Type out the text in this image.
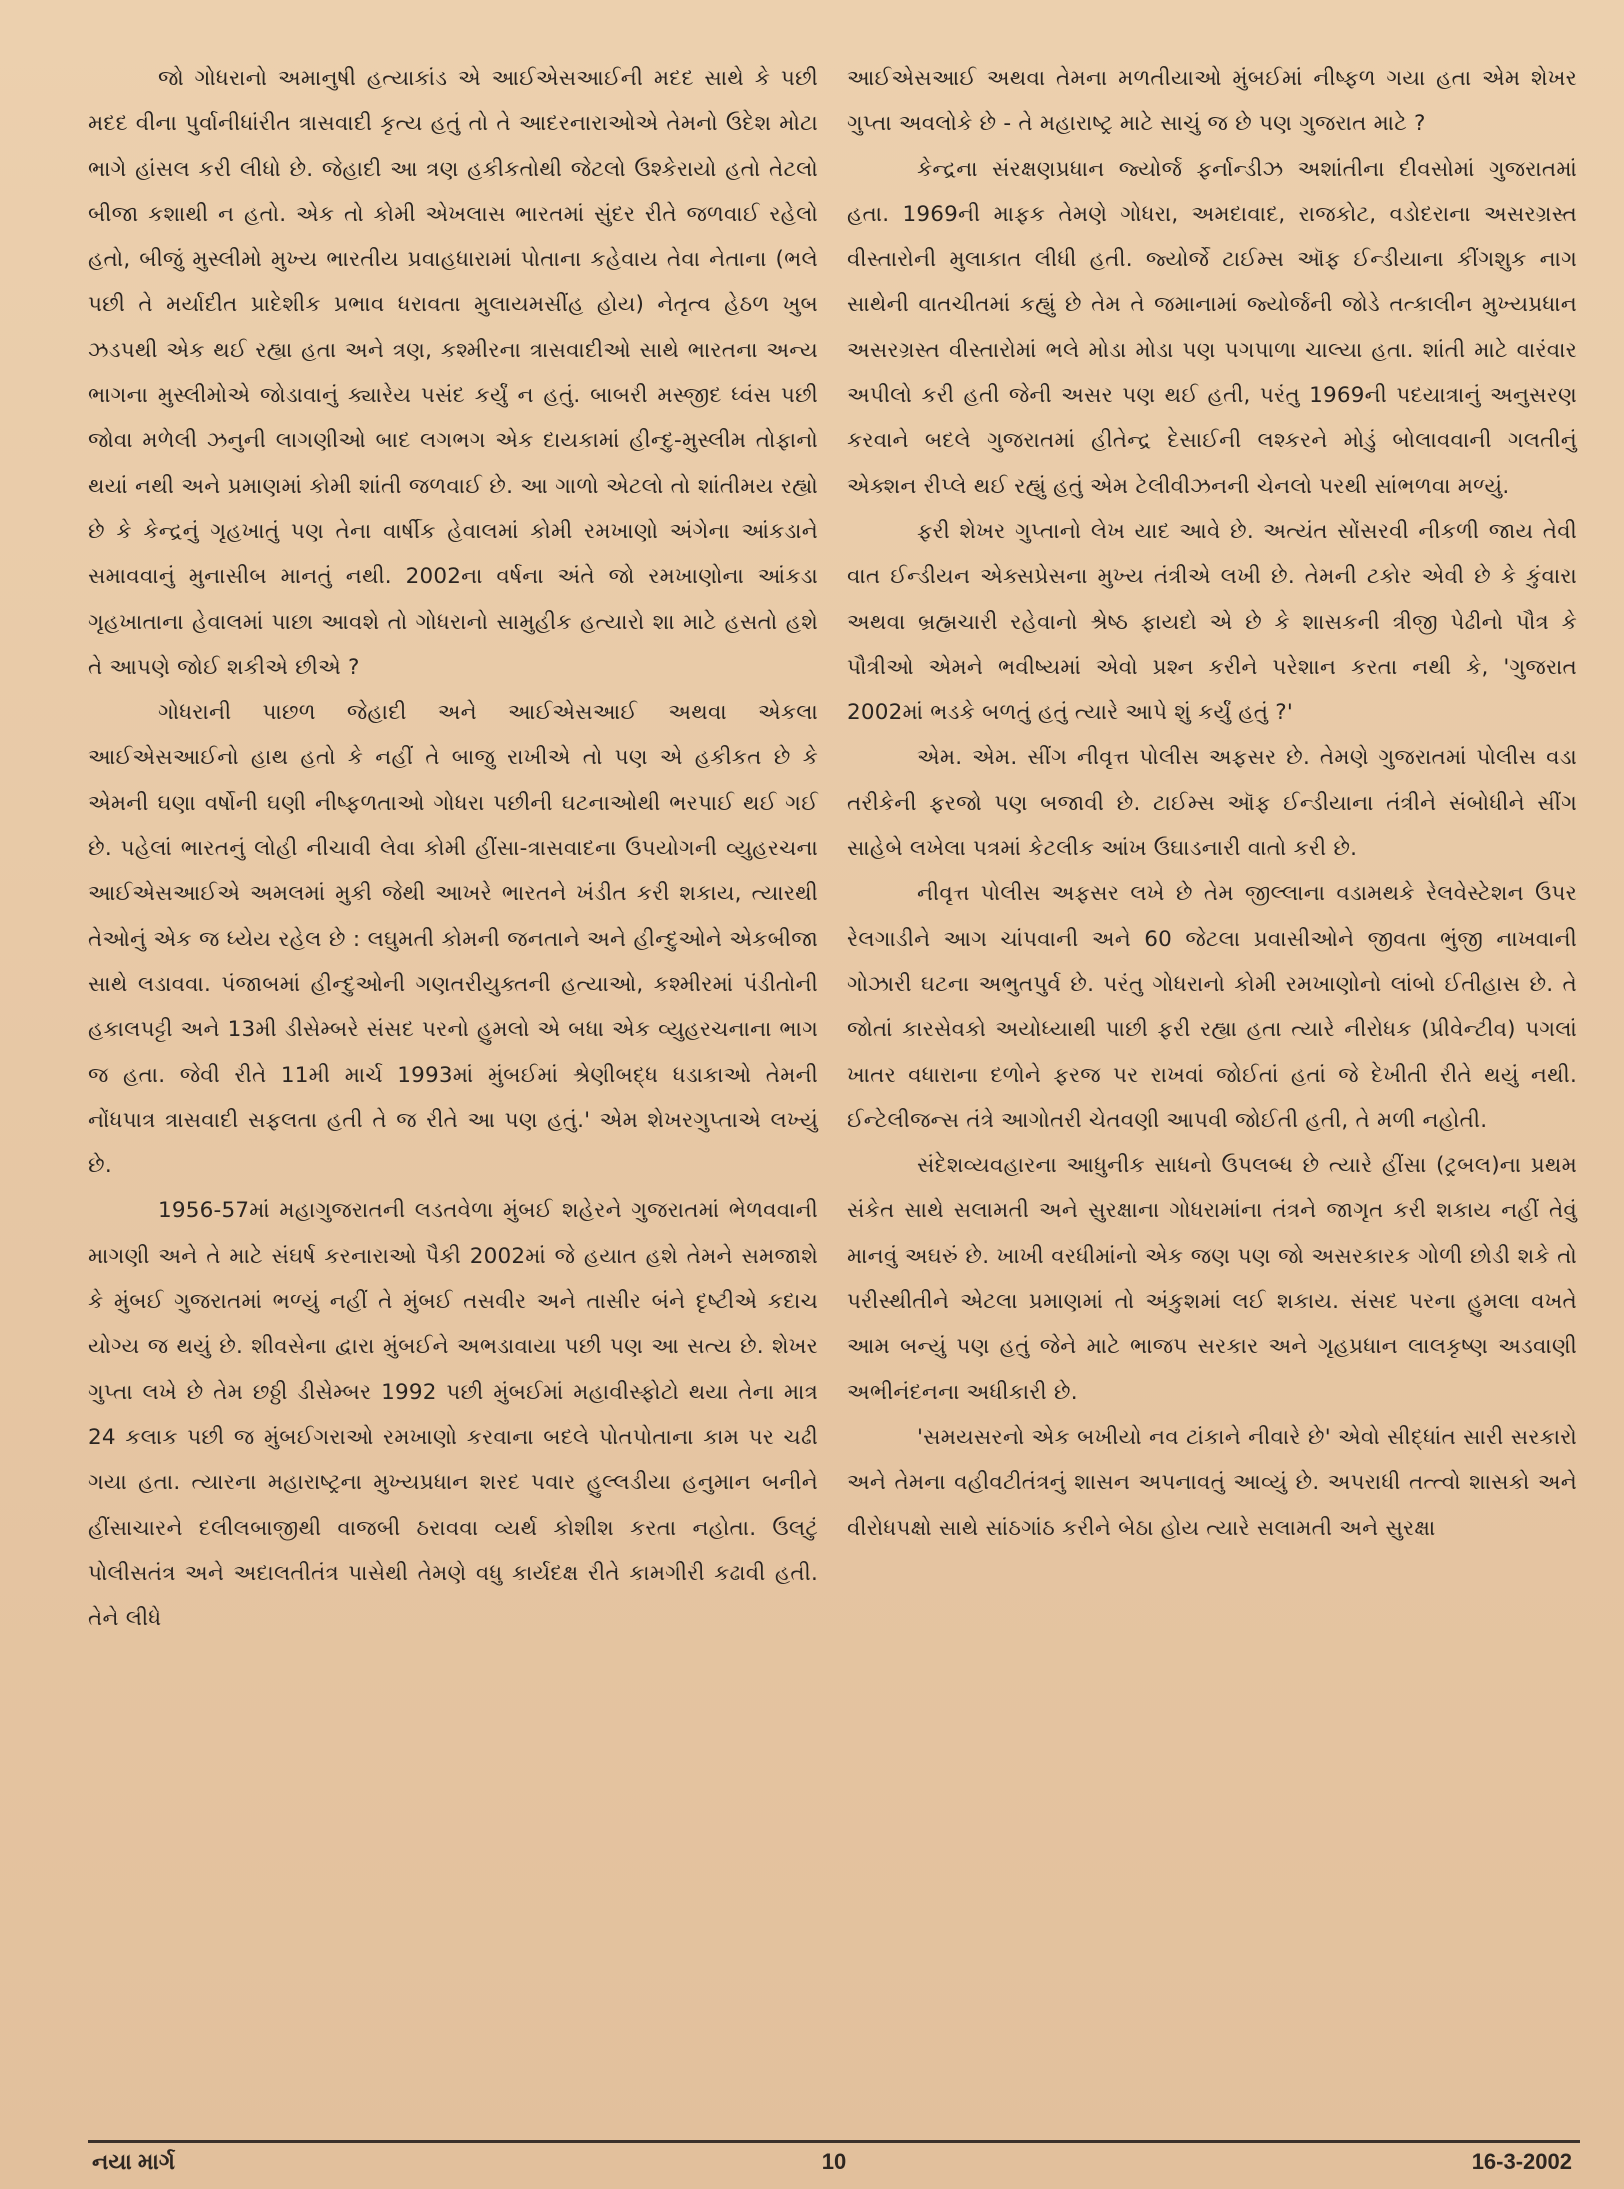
જો ગોધરાનો અમાનુષી હત્યાકાંડ એ આઈએસઆઈની મદદ સાથે કે પછી મદદ વીના પુર્વાનીધાંરીત ત્રાસવાદી કૃત્ય હતું તો તે આદરનારાઓએ તેમનો ઉદેશ મોટા ભાગે હાંસલ કરી લીધો છે. જેહાદી આ ત્રણ હકીકતોથી જેટલો ઉશ્કેરાયો હતો તેટલો બીજા કશાથી ન હતો. એક તો કોમી એખલાસ ભારતમાં સુંદર રીતે જળવાઈ રહેલો હતો, બીજું મુસ્લીમો મુખ્ય ભારતીય પ્રવાહધારામાં પોતાના કહેવાય તેવા નેતાના (ભલે પછી તે મર્યાદીત પ્રાદેશીક પ્રભાવ ધરાવતા મુલાયમસીંહ હોય) નેતૃત્વ હેઠળ ખુબ ઝડપથી એક થઈ રહ્યા હતા અને ત્રણ, કશ્મીરના ત્રાસવાદીઓ સાથે ભારતના અન્ય ભાગના મુસ્લીમોએ જોડાવાનું ક્યારેય પસંદ કર્યું ન હતું. બાબરી મસ્જીદ ધ્વંસ પછી જોવા મળેલી ઝનુની લાગણીઓ બાદ લગભગ એક દાયકામાં હીન્દુ-મુસ્લીમ તોફાનો થયાં નથી અને પ્રમાણમાં કોમી શાંતી જળવાઈ છે. આ ગાળો એટલો તો શાંતીમય રહ્યો છે કે કેન્દ્રનું ગૃહખાતું પણ તેના વાર્ષીક હેવાલમાં કોમી રમખાણો અંગેના આંકડાને સમાવવાનું મુનાસીબ માનતું નથી. 2002ના વર્ષના અંતે જો રમખાણોના આંકડા ગૃહખાતાના હેવાલમાં પાછા આવશે તો ગોધરાનો સામુહીક હત્યારો શા માટે હસતો હશે તે આપણે જોઈ શકીએ છીએ ?

ગોધરાની પાછળ જેહાદી અને આઈએસઆઈ અથવા એકલા આઈએસઆઈનો હાથ હતો કે નહીં તે બાજુ રાખીએ તો પણ એ હકીકત છે કે એમની ઘણા વર્ષોની ઘણી નીષ્ફળતાઓ ગોધરા પછીની ઘટનાઓથી ભરપાઈ થઈ ગઈ છે. પહેલાં ભારતનું લોહી નીચાવી લેવા કોમી હીંસા-ત્રાસવાદના ઉપયોગની વ્યુહરચના આઈએસઆઈએ અમલમાં મુકી જેથી આખરે ભારતને ખંડીત કરી શકાય, ત્યારથી તેઓનું એક જ ધ્યેય રહેલ છે : લઘુમતી કોમની જનતાને અને હીન્દુઓને એકબીજા સાથે લડાવવા. પંજાબમાં હીન્દુઓની ગણતરીયુક્તની હત્યાઓ, કશ્મીરમાં પંડીતોની હકાલપટ્ટી અને 13મી ડીસેમ્બરે સંસદ પરનો હુમલો એ બધા એક વ્યુહરચનાના ભાગ જ હતા. જેવી રીતે 11મી માર્ચ 1993માં મુંબઈમાં શ્રેણીબદ્ધ ધડાકાઓ તેમની નોંધપાત્ર ત્રાસવાદી સફલતા હતી તે જ રીતે આ પણ હતું.' એમ શેખરગુપ્તાએ લખ્યું છે.

1956-57માં મહાગુજરાતની લડતવેળા મુંબઈ શહેરને ગુજરાતમાં ભેળવવાની માગણી અને તે માટે સંઘર્ષ કરનારાઓ પૈકી 2002માં જે હયાત હશે તેમને સમજાશે કે મુંબઈ ગુજરાતમાં ભળ્યું નહીં તે મુંબઈ તસવીર અને તાસીર બંને દૃષ્ટીએ કદાચ યોગ્ય જ થયું છે. શીવસેના દ્વારા મુંબઈને અભડાવાયા પછી પણ આ સત્ય છે. શેખર ગુપ્તા લખે છે તેમ છઠ્ઠી ડીસેમ્બર 1992 પછી મુંબઈમાં મહાવીસ્ફોટો થયા તેના માત્ર 24 કલાક પછી જ મુંબઈગરાઓ રમખાણો કરવાના બદલે પોતપોતાના કામ પર ચઢી ગયા હતા. ત્યારના મહારાષ્ટ્રના મુખ્યપ્રધાન શરદ પવાર હુલ્લડીયા હનુમાન બનીને હીંસાચારને દલીલબાજીથી વાજબી ઠરાવવા વ્યર્થ કોશીશ કરતા નહોતા. ઉલટું પોલીસતંત્ર અને અદાલતીતંત્ર પાસેથી તેમણે વધુ કાર્યદક્ષ રીતે કામગીરી કઢાવી હતી. તેને લીધે

આઈએસઆઈ અથવા તેમના મળતીયાઓ મુંબઈમાં નીષ્ફળ ગયા હતા એમ શેખર ગુપ્તા અવલોકે છે - તે મહારાષ્ટ્ર માટે સાચું જ છે પણ ગુજરાત માટે ?

કેન્દ્રના સંરક્ષણપ્રધાન જ્યોર્જ ફર્નાન્ડીઝ અશાંતીના દીવસોમાં ગુજરાતમાં હતા. 1969ની માફક તેમણે ગોધરા, અમદાવાદ, રાજકોટ, વડોદરાના અસરગ્રસ્ત વીસ્તારોની મુલાકાત લીધી હતી. જ્યોર્જે ટાઈમ્સ ઑફ ઈન્ડીયાના કીંગશુક નાગ સાથેની વાતચીતમાં કહ્યું છે તેમ તે જમાનામાં જ્યોર્જની જોડે તત્કાલીન મુખ્યપ્રધાન અસરગ્રસ્ત વીસ્તારોમાં ભલે મોડા મોડા પણ પગપાળા ચાલ્યા હતા. શાંતી માટે વારંવાર અપીલો કરી હતી જેની અસર પણ થઈ હતી, પરંતુ 1969ની પદયાત્રાનું અનુસરણ કરવાને બદલે ગુજરાતમાં હીતેન્દ્ર દેસાઈની લશ્કરને મોડું બોલાવવાની ગલતીનું એક્શન રીપ્લે થઈ રહ્યું હતું એમ ટેલીવીઝનની ચેનલો પરથી સાંભળવા મળ્યું.

ફરી શેખર ગુપ્તાનો લેખ યાદ આવે છે. અત્યંત સોંસરવી નીકળી જાય તેવી વાત ઈન્ડીયન એક્સપ્રેસના મુખ્ય તંત્રીએ લખી છે. તેમની ટકોર એવી છે કે કુંવારા અથવા બ્રહ્મચારી રહેવાનો શ્રેષ્ઠ ફાયદો એ છે કે શાસકની ત્રીજી પેઢીનો પૌત્ર કે પૌત્રીઓ એમને ભવીષ્યમાં એવો પ્રશ્ન કરીને પરેશાન કરતા નથી કે, 'ગુજરાત 2002માં ભડકે બળતું હતું ત્યારે આપે શું કર્યું હતું ?'

એમ. એમ. સીંગ નીવૃત્ત પોલીસ અફસર છે. તેમણે ગુજરાતમાં પોલીસ વડા તરીકેની ફરજો પણ બજાવી છે. ટાઈમ્સ ઑફ ઈન્ડીયાના તંત્રીને સંબોધીને સીંગ સાહેબે લખેલા પત્રમાં કેટલીક આંખ ઉઘાડનારી વાતો કરી છે.

નીવૃત્ત પોલીસ અફસર લખે છે તેમ જીલ્લાના વડામથકે રેલવેસ્ટેશન ઉપર રેલગાડીને આગ ચાંપવાની અને 60 જેટલા પ્રવાસીઓને જીવતા ભુંજી નાખવાની ગોઝારી ઘટના અભુતપુર્વ છે. પરંતુ ગોધરાનો કોમી રમખાણોનો લાંબો ઈતીહાસ છે. તે જોતાં કારસેવકો અયોધ્યાથી પાછી ફરી રહ્યા હતા ત્યારે નીરોધક (પ્રીવેન્ટીવ) પગલાં ખાતર વધારાના દળોને ફરજ પર રાખવાં જોઈતાં હતાં જે દેખીતી રીતે થયું નથી. ઈન્ટેલીજન્સ તંત્રે આગોતરી ચેતવણી આપવી જોઈતી હતી, તે મળી નહોતી.

સંદેશવ્યવહારના આધુનીક સાધનો ઉપલબ્ધ છે ત્યારે હીંસા (ટ્રબલ)ના પ્રથમ સંકેત સાથે સલામતી અને સુરક્ષાના ગોધરામાંના તંત્રને જાગૃત કરી શકાય નહીં તેવું માનવું અઘરું છે. ખાખી વરધીમાંનો એક જણ પણ જો અસરકારક ગોળી છોડી શકે તો પરીસ્થીતીને એટલા પ્રમાણમાં તો અંકુશમાં લઈ શકાય. સંસદ પરના હુમલા વખતે આમ બન્યું પણ હતું જેને માટે ભાજપ સરકાર અને ગૃહપ્રધાન લાલકૃષ્ણ અડવાણી અભીનંદનના અધીકારી છે.

'સમયસરનો એક બખીયો નવ ટાંકાને નીવારે છે' એવો સીદ્ધાંત સારી સરકારો અને તેમના વહીવટીતંત્રનું શાસન અપનાવતું આવ્યું છે. અપરાધી તત્ત્વો શાસકો અને વીરોધપક્ષો સાથે સાંઠગાંઠ કરીને બેઠા હોય ત્યારે સલામતી અને સુરક્ષા

નયા માર્ગ	10	16-3-2002
